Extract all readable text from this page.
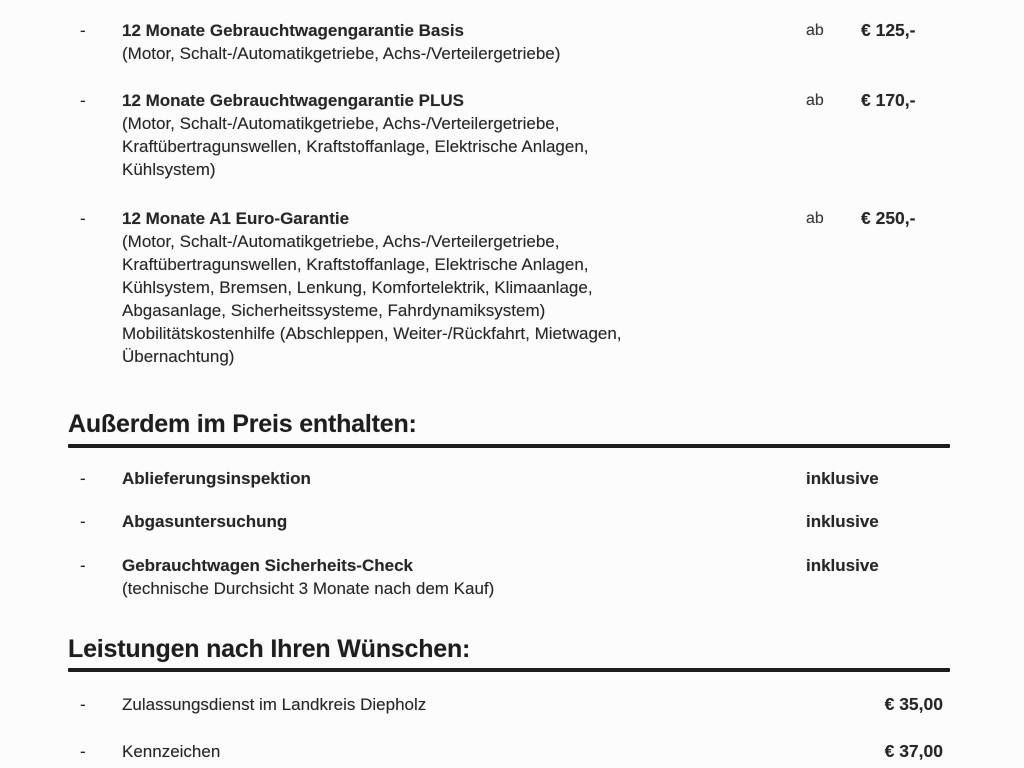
- 12 Monate Gebrauchtwagengarantie Basis
(Motor, Schalt-/Automatikgetriebe, Achs-/Verteilergetriebe)
ab € 125,-
- 12 Monate Gebrauchtwagengarantie PLUS
(Motor, Schalt-/Automatikgetriebe, Achs-/Verteilergetriebe,
Kraftübertragunswellen, Kraftstoffanlage, Elektrische Anlagen,
Kühlsystem)
ab € 170,-
- 12 Monate A1 Euro-Garantie
(Motor, Schalt-/Automatikgetriebe, Achs-/Verteilergetriebe,
Kraftübertragunswellen, Kraftstoffanlage, Elektrische Anlagen,
Kühlsystem, Bremsen, Lenkung, Komfortelektrik, Klimaanlage,
Abgasanlage, Sicherheitssysteme, Fahrdynamiksystem)
Mobilitätskostenhilfe (Abschleppen, Weiter-/Rückfahrt, Mietwagen,
Übernachtung)
ab € 250,-
Außerdem im Preis enthalten:
- Ablieferungsinspektion	inklusive
- Abgasuntersuchung	inklusive
- Gebrauchtwagen Sicherheits-Check
(technische Durchsicht 3 Monate nach dem Kauf)
inklusive
Leistungen nach Ihren Wünschen:
- Zulassungsdienst im Landkreis Diepholz	€ 35,00
- Kennzeichen	€ 37,00
